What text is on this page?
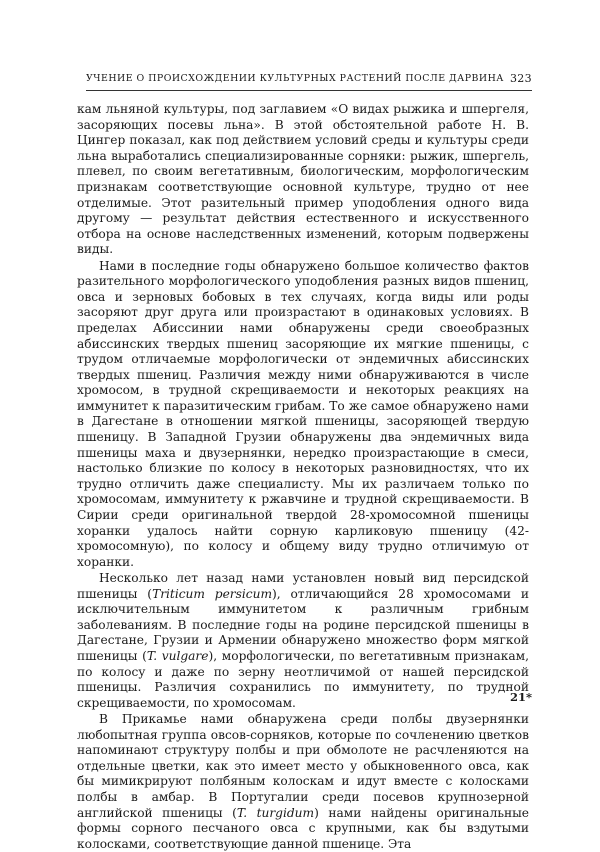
УЧЕНИЕ О ПРОИСХОЖДЕНИИ КУЛЬТУРНЫХ РАСТЕНИЙ ПОСЛЕ ДАРВИНА 323

кам льняной культуры, под заглавием «О видах рыжика и шпергеля, засоряющих посевы льна». В этой обстоятельной работе Н. В. Цингер показал, как под действием условий среды и культуры среди льна выработались специализированные сорняки: рыжик, шпергель, плевел, по своим вегетативным, биологическим, морфологическим признакам соответствующие основной культуре, трудно от нее отделимые. Этот разительный пример уподобления одного вида другому — результат действия естественного и искусственного отбора на основе наследственных изменений, которым подвержены виды.

Нами в последние годы обнаружено большое количество фактов разительного морфологического уподобления разных видов пшениц, овса и зерновых бобовых в тех случаях, когда виды или роды засоряют друг друга или произрастают в одинаковых условиях. В пределах Абиссинии нами обнаружены среди своеобразных абиссинских твердых пшениц засоряющие их мягкие пшеницы, с трудом отличаемые морфологически от эндемичных абиссинских твердых пшениц. Различия между ними обнаруживаются в числе хромосом, в трудной скрещиваемости и некоторых реакциях на иммунитет к паразитическим грибам. То же самое обнаружено нами в Дагестане в отношении мягкой пшеницы, засоряющей твердую пшеницу. В Западной Грузии обнаружены два эндемичных вида пшеницы маха и двузернянки, нередко произрастающие в смеси, настолько близкие по колосу в некоторых разновидностях, что их трудно отличить даже специалисту. Мы их различаем только по хромосомам, иммунитету к ржавчине и трудной скрещиваемости. В Сирии среди оригинальной твердой 28-хромосомной пшеницы хоранки удалось найти сорную карликовую пшеницу (42-хромосомную), по колосу и общему виду трудно отличимую от хоранки.

Несколько лет назад нами установлен новый вид персидской пшеницы (Triticum persicum), отличающийся 28 хромосомами и исключительным иммунитетом к различным грибным заболеваниям. В последние годы на родине персидской пшеницы в Дагестане, Грузии и Армении обнаружено множество форм мягкой пшеницы (T. vulgare), морфологически, по вегетативным признакам, по колосу и даже по зерну неотличимой от нашей персидской пшеницы. Различия сохранились по иммунитету, по трудной скрещиваемости, по хромосомам.

В Прикамье нами обнаружена среди полбы двузернянки любопытная группа овсов-сорняков, которые по сочленению цветков напоминают структуру полбы и при обмолоте не расчленяются на отдельные цветки, как это имеет место у обыкновенного овса, как бы мимикрируют полбяным колоскам и идут вместе с колосками полбы в амбар. В Португалии среди посевов крупнозерной английской пшеницы (T. turgidum) нами найдены оригинальные формы сорного песчаного овса с крупными, как бы вздутыми колосками, соответствующие данной пшенице. Эта

21*
